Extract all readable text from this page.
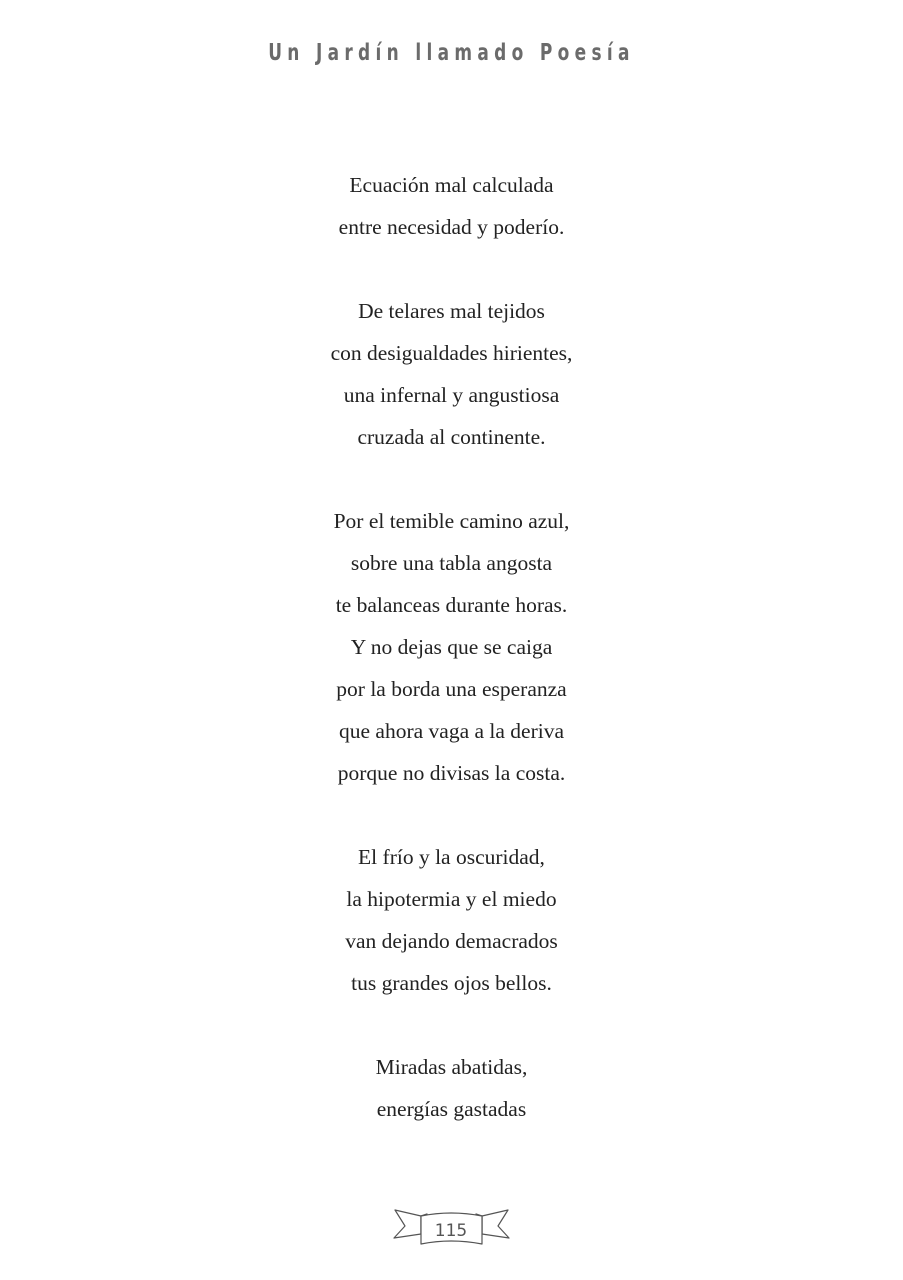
Un Jardín llamado Poesía
Ecuación mal calculada
entre necesidad y poderío.
De telares mal tejidos
con desigualdades hirientes,
una infernal y angustiosa
cruzada al continente.
Por el temible camino azul,
sobre una tabla angosta
te balanceas durante horas.
Y no dejas que se caiga
por la borda una esperanza
que ahora vaga a la deriva
porque no divisas la costa.
El frío y la oscuridad,
la hipotermia y el miedo
van dejando demacrados
tus grandes ojos bellos.
Miradas abatidas,
energías gastadas
115
